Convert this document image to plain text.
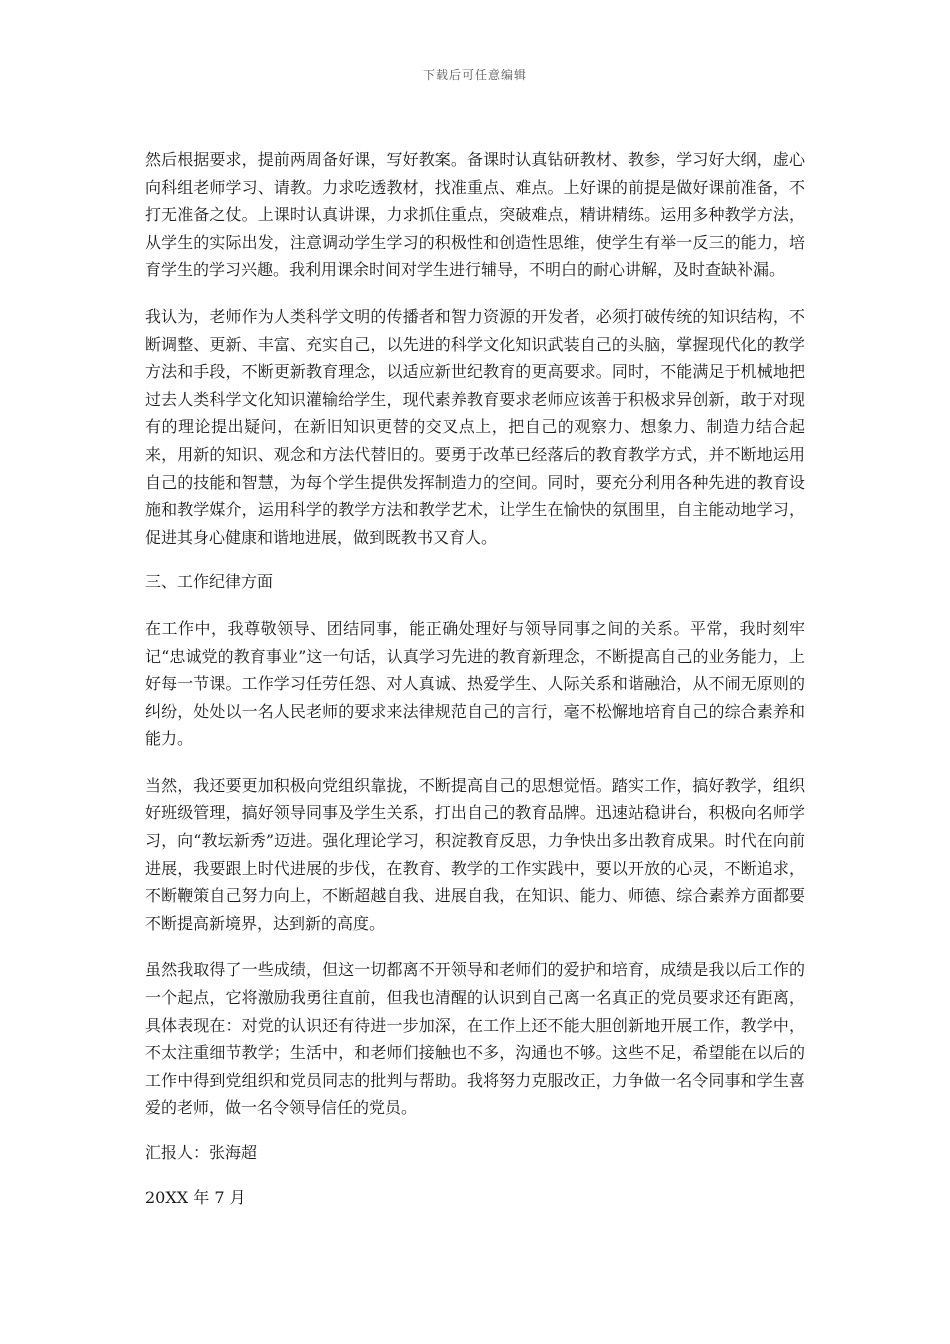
下载后可任意编辑

然后根据要求，提前两周备好课，写好教案。备课时认真钻研教材、教参，学习好大纲，虚心向科组老师学习、请教。力求吃透教材，找准重点、难点。上好课的前提是做好课前准备，不打无准备之仗。上课时认真讲课，力求抓住重点，突破难点，精讲精练。运用多种教学方法，从学生的实际出发，注意调动学生学习的积极性和创造性思维，使学生有举一反三的能力，培育学生的学习兴趣。我利用课余时间对学生进行辅导，不明白的耐心讲解，及时查缺补漏。

我认为，老师作为人类科学文明的传播者和智力资源的开发者，必须打破传统的知识结构，不断调整、更新、丰富、充实自己，以先进的科学文化知识武装自己的头脑，掌握现代化的教学方法和手段，不断更新教育理念，以适应新世纪教育的更高要求。同时，不能满足于机械地把过去人类科学文化知识灌输给学生，现代素养教育要求老师应该善于积极求异创新，敢于对现有的理论提出疑问，在新旧知识更替的交叉点上，把自己的观察力、想象力、制造力结合起来，用新的知识、观念和方法代替旧的。要勇于改革已经落后的教育教学方式，并不断地运用自己的技能和智慧，为每个学生提供发挥制造力的空间。同时，要充分利用各种先进的教育设施和教学媒介，运用科学的教学方法和教学艺术，让学生在愉快的氛围里，自主能动地学习，促进其身心健康和谐地进展，做到既教书又育人。

三、工作纪律方面

在工作中，我尊敬领导、团结同事，能正确处理好与领导同事之间的关系。平常，我时刻牢记“忠诚党的教育事业”这一句话，认真学习先进的教育新理念，不断提高自己的业务能力，上好每一节课。工作学习任劳任怨、对人真诚、热爱学生、人际关系和谐融洽，从不闹无原则的纠纷，处处以一名人民老师的要求来法律规范自己的言行，毫不松懈地培育自己的综合素养和能力。

当然，我还要更加积极向党组织靠拢，不断提高自己的思想觉悟。踏实工作，搞好教学，组织好班级管理，搞好领导同事及学生关系，打出自己的教育品牌。迅速站稳讲台，积极向名师学习，向“教坛新秀”迈进。强化理论学习，积淀教育反思，力争快出多出教育成果。时代在向前进展，我要跟上时代进展的步伐，在教育、教学的工作实践中，要以开放的心灵，不断追求，不断鞭策自己努力向上，不断超越自我、进展自我，在知识、能力、师德、综合素养方面都要不断提高新境界，达到新的高度。

虽然我取得了一些成绩，但这一切都离不开领导和老师们的爱护和培育，成绩是我以后工作的一个起点，它将激励我勇往直前，但我也清醒的认识到自己离一名真正的党员要求还有距离，具体表现在：对党的认识还有待进一步加深，在工作上还不能大胆创新地开展工作，教学中，不太注重细节教学；生活中，和老师们接触也不多，沟通也不够。这些不足，希望能在以后的工作中得到党组织和党员同志的批判与帮助。我将努力克服改正，力争做一名令同事和学生喜爱的老师，做一名令领导信任的党员。

汇报人：张海超

20XX 年 7 月
